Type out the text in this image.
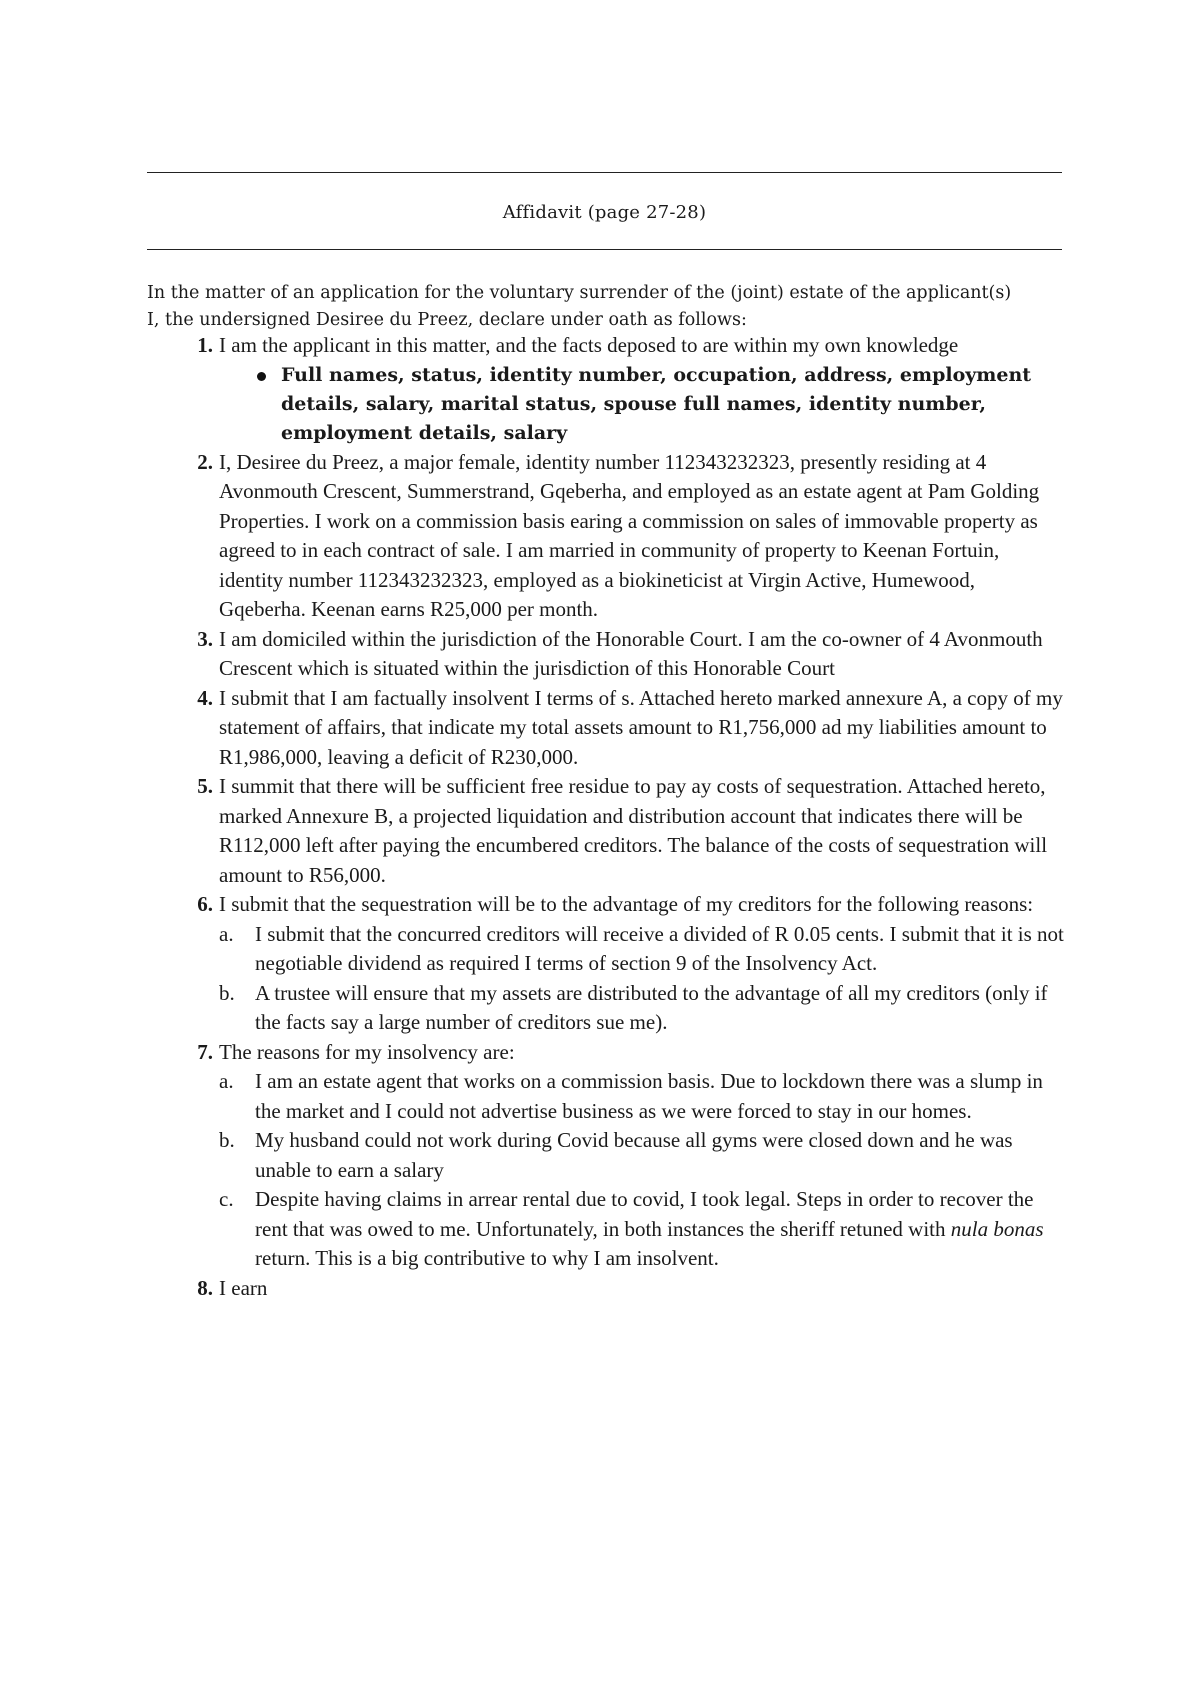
Affidavit (page 27-28)
In the matter of an application for the voluntary surrender of the (joint) estate of the applicant(s)
I, the undersigned Desiree du Preez, declare under oath as follows:
1. I am the applicant in this matter, and the facts deposed to are within my own knowledge
Full names, status, identity number, occupation, address, employment details, salary, marital status, spouse full names, identity number, employment details, salary
2. I, Desiree du Preez, a major female, identity number 112343232323, presently residing at 4 Avonmouth Crescent, Summerstrand, Gqeberha, and employed as an estate agent at Pam Golding Properties. I work on a commission basis earing a commission on sales of immovable property as agreed to in each contract of sale. I am married in community of property to Keenan Fortuin, identity number 112343232323, employed as a biokineticist at Virgin Active, Humewood, Gqeberha. Keenan earns R25,000 per month.
3. I am domiciled within the jurisdiction of the Honorable Court. I am the co-owner of 4 Avonmouth Crescent which is situated within the jurisdiction of this Honorable Court
4. I submit that I am factually insolvent I terms of s. Attached hereto marked annexure A, a copy of my statement of affairs, that indicate my total assets amount to R1,756,000 ad my liabilities amount to R1,986,000, leaving a deficit of R230,000.
5. I summit that there will be sufficient free residue to pay ay costs of sequestration. Attached hereto, marked Annexure B, a projected liquidation and distribution account that indicates there will be R112,000 left after paying the encumbered creditors. The balance of the costs of sequestration will amount to R56,000.
6. I submit that the sequestration will be to the advantage of my creditors for the following reasons:
a. I submit that the concurred creditors will receive a divided of R 0.05 cents. I submit that it is not negotiable dividend as required I terms of section 9 of the Insolvency Act.
b. A trustee will ensure that my assets are distributed to the advantage of all my creditors (only if the facts say a large number of creditors sue me).
7. The reasons for my insolvency are:
a. I am an estate agent that works on a commission basis. Due to lockdown there was a slump in the market and I could not advertise business as we were forced to stay in our homes.
b. My husband could not work during Covid because all gyms were closed down and he was unable to earn a salary
c. Despite having claims in arrear rental due to covid, I took legal. Steps in order to recover the rent that was owed to me. Unfortunately, in both instances the sheriff retuned with nula bonas return. This is a big contributive to why I am insolvent.
8. I earn
